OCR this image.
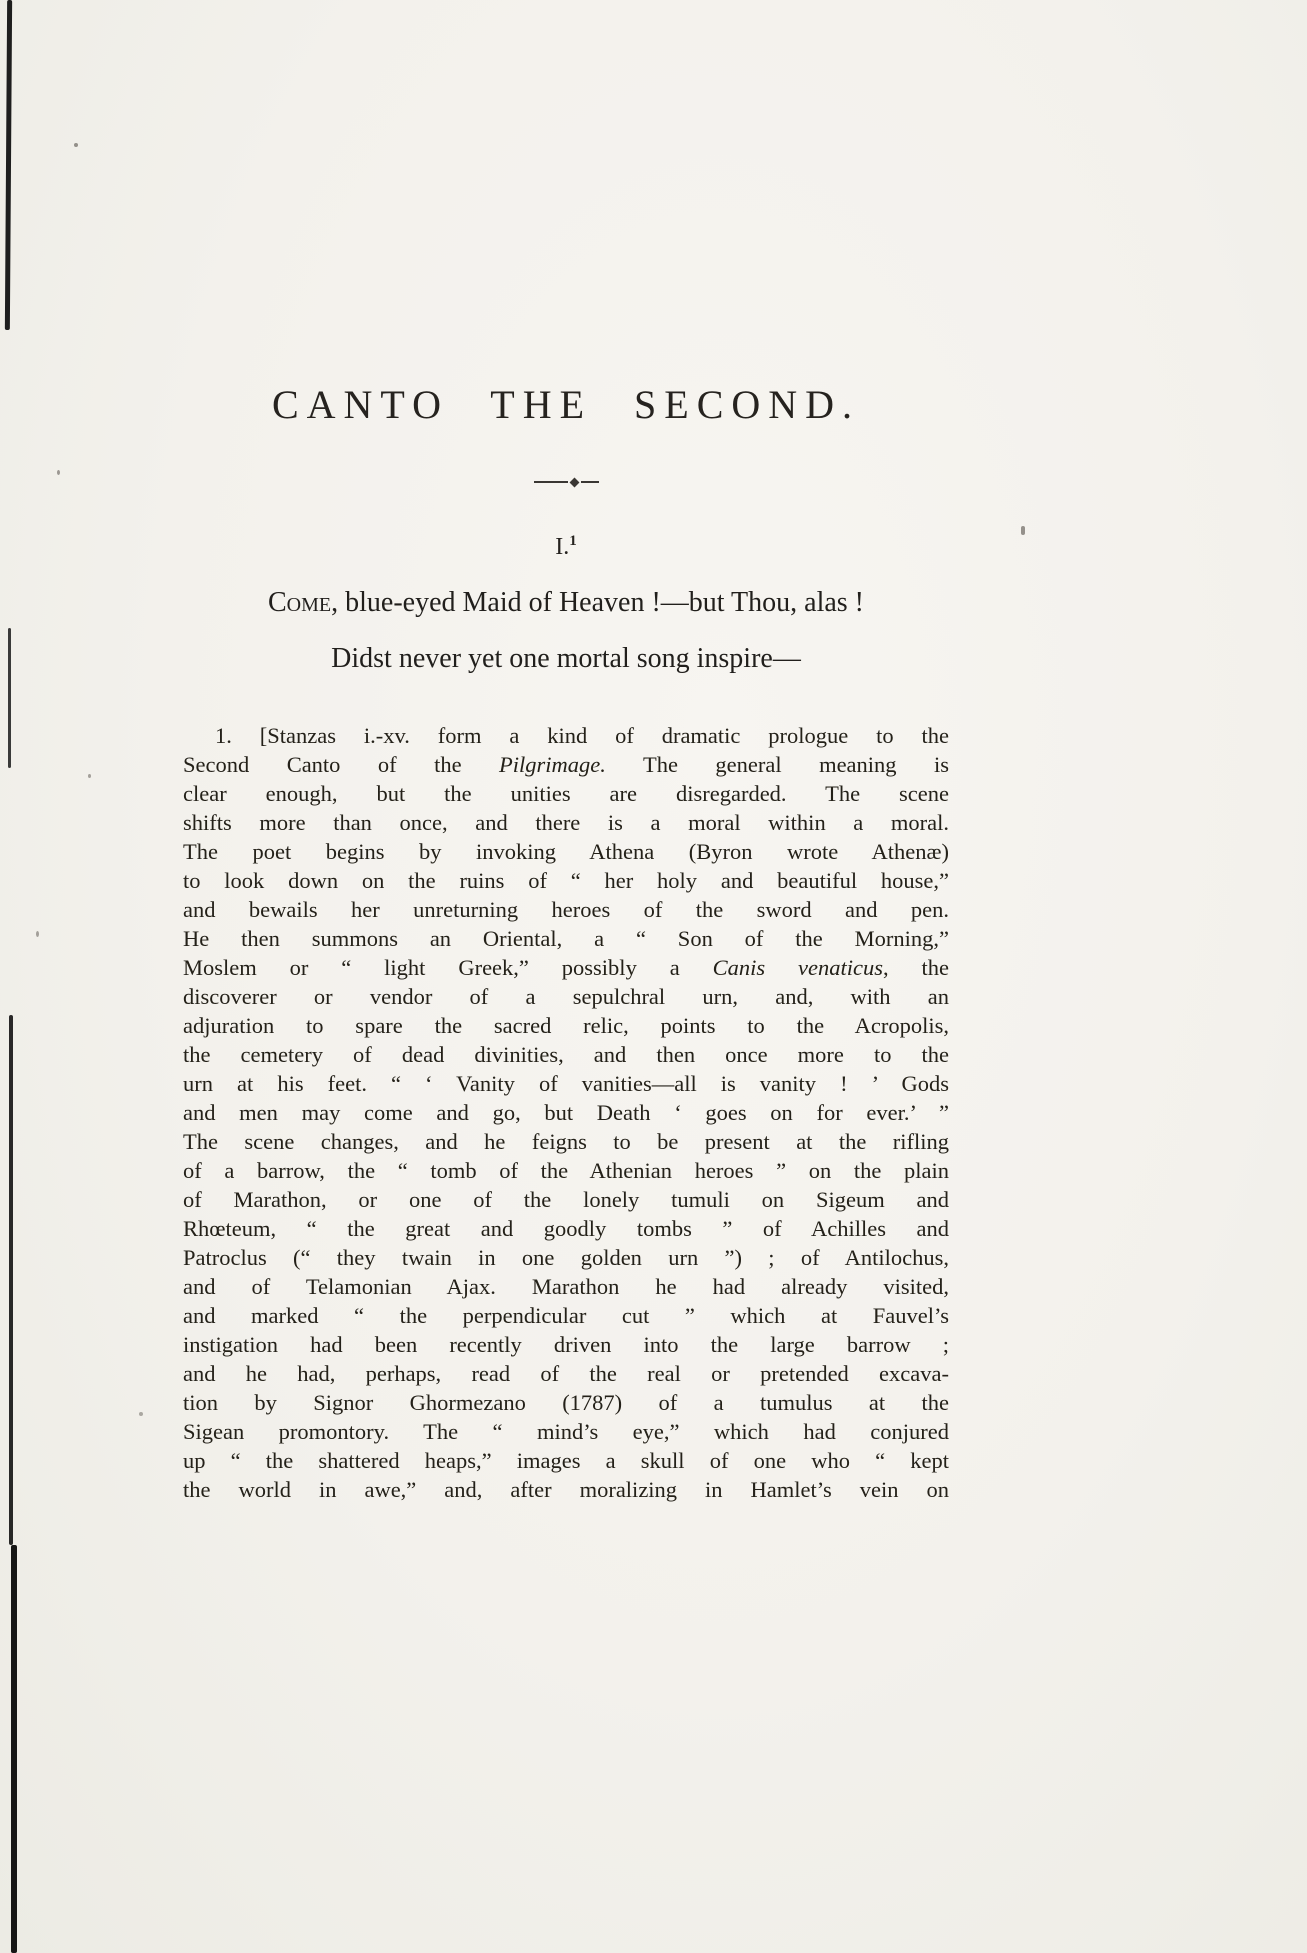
CANTO THE SECOND.
I.$^1$
Come, blue-eyed Maid of Heaven !—but Thou, alas !
Didst never yet one mortal song inspire—
1. [Stanzas i.-xv. form a kind of dramatic prologue to the
Second Canto of the Pilgrimage. The general meaning is
clear enough, but the unities are disregarded. The scene
shifts more than once, and there is a moral within a moral.
The poet begins by invoking Athena (Byron wrote Athenæ)
to look down on the ruins of “ her holy and beautiful house,”
and bewails her unreturning heroes of the sword and pen.
He then summons an Oriental, a “ Son of the Morning,”
Moslem or “ light Greek,” possibly a Canis venaticus, the
discoverer or vendor of a sepulchral urn, and, with an
adjuration to spare the sacred relic, points to the Acropolis,
the cemetery of dead divinities, and then once more to the
urn at his feet. “ ‘ Vanity of vanities—all is vanity ! ’ Gods
and men may come and go, but Death ‘ goes on for ever.’ ”
The scene changes, and he feigns to be present at the rifling
of a barrow, the “ tomb of the Athenian heroes ” on the plain
of Marathon, or one of the lonely tumuli on Sigeum and
Rhœteum, “ the great and goodly tombs ” of Achilles and
Patroclus (“ they twain in one golden urn ”) ; of Antilochus,
and of Telamonian Ajax. Marathon he had already visited,
and marked “ the perpendicular cut ” which at Fauvel’s
instigation had been recently driven into the large barrow ;
and he had, perhaps, read of the real or pretended excava-
tion by Signor Ghormezano (1787) of a tumulus at the
Sigean promontory. The “ mind’s eye,” which had conjured
up “ the shattered heaps,” images a skull of one who “ kept
the world in awe,” and, after moralizing in Hamlet’s vein on
